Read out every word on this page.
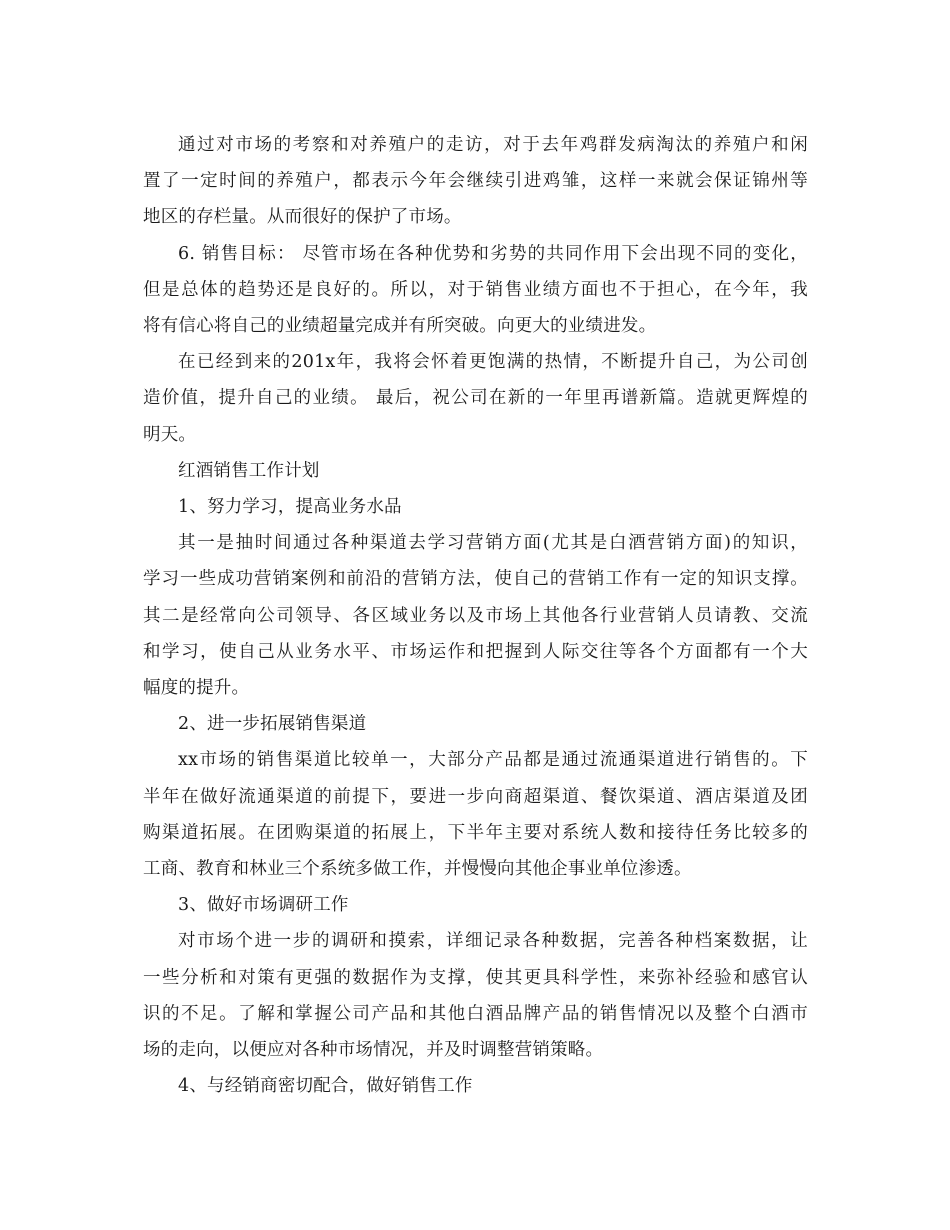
通过对市场的考察和对养殖户的走访，对于去年鸡群发病淘汰的养殖户和闲

置了一定时间的养殖户，都表示今年会继续引进鸡雏，这样一来就会保证锦州等

地区的存栏量。从而很好的保护了市场。

6. 销售目标： 尽管市场在各种优势和劣势的共同作用下会出现不同的变化，

但是总体的趋势还是良好的。所以，对于销售业绩方面也不于担心，在今年，我

将有信心将自己的业绩超量完成并有所突破。向更大的业绩进发。

在已经到来的201x年，我将会怀着更饱满的热情，不断提升自己，为公司创

造价值，提升自己的业绩。 最后，祝公司在新的一年里再谱新篇。造就更辉煌的

明天。

红酒销售工作计划

1、努力学习，提高业务水品

其一是抽时间通过各种渠道去学习营销方面(尤其是白酒营销方面)的知识，

学习一些成功营销案例和前沿的营销方法，使自己的营销工作有一定的知识支撑。

其二是经常向公司领导、各区域业务以及市场上其他各行业营销人员请教、交流

和学习，使自己从业务水平、市场运作和把握到人际交往等各个方面都有一个大

幅度的提升。

2、进一步拓展销售渠道

xx市场的销售渠道比较单一，大部分产品都是通过流通渠道进行销售的。下

半年在做好流通渠道的前提下，要进一步向商超渠道、餐饮渠道、酒店渠道及团

购渠道拓展。在团购渠道的拓展上，下半年主要对系统人数和接待任务比较多的

工商、教育和林业三个系统多做工作，并慢慢向其他企事业单位渗透。

3、做好市场调研工作

对市场个进一步的调研和摸索，详细记录各种数据，完善各种档案数据，让

一些分析和对策有更强的数据作为支撑，使其更具科学性，来弥补经验和感官认

识的不足。了解和掌握公司产品和其他白酒品牌产品的销售情况以及整个白酒市

场的走向，以便应对各种市场情况，并及时调整营销策略。

4、与经销商密切配合，做好销售工作
